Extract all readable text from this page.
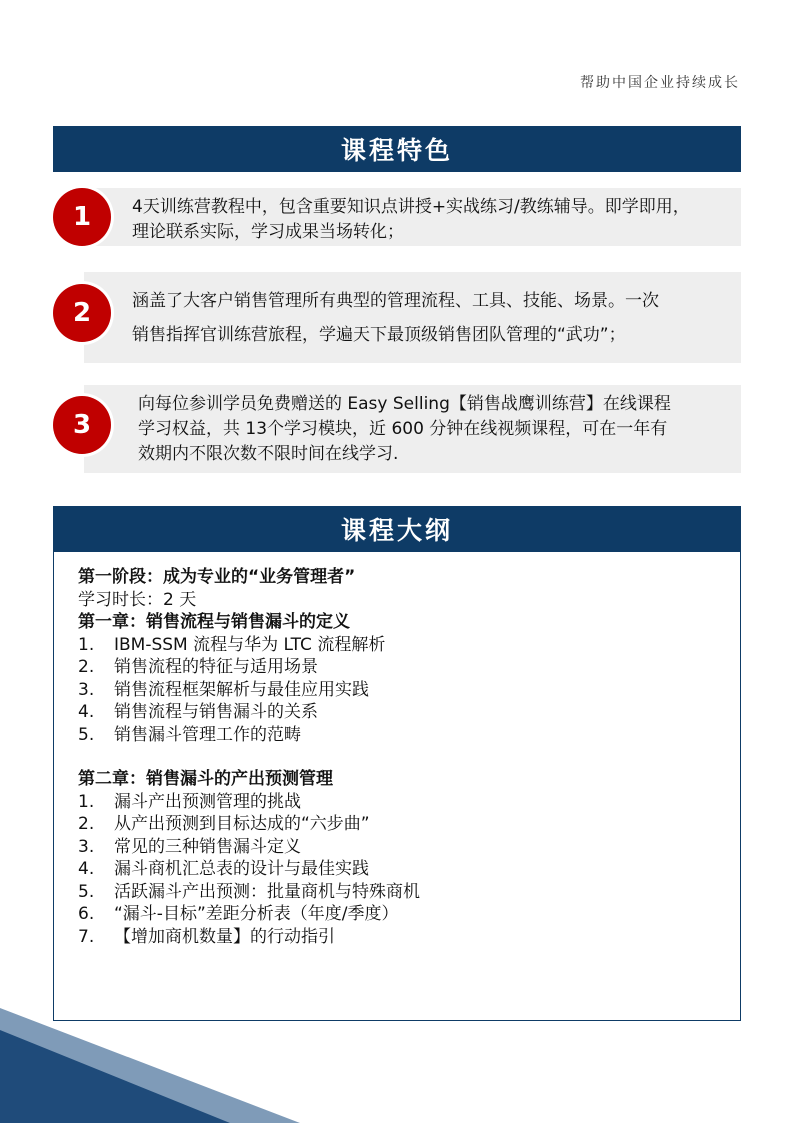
帮助中国企业持续成长
课程特色
4天训练营教程中，包含重要知识点讲授+实战练习/教练辅导。即学即用，
理论联系实际，学习成果当场转化；
1
涵盖了大客户销售管理所有典型的管理流程、工具、技能、场景。一次
销售指挥官训练营旅程，学遍天下最顶级销售团队管理的“武功”；
2
向每位参训学员免费赠送的 Easy Selling【销售战鹰训练营】在线课程
学习权益，共 13个学习模块，近 600 分钟在线视频课程，可在一年有
效期内不限次数不限时间在线学习.
3
课程大纲
第一阶段：成为专业的“业务管理者”
学习时长：2 天
第一章：销售流程与销售漏斗的定义
1.	IBM-SSM 流程与华为 LTC 流程解析
2.	销售流程的特征与适用场景
3.	销售流程框架解析与最佳应用实践
4.	销售流程与销售漏斗的关系
5.	销售漏斗管理工作的范畴
第二章：销售漏斗的产出预测管理
1.	漏斗产出预测管理的挑战
2.	从产出预测到目标达成的“六步曲”
3.	常见的三种销售漏斗定义
4.	漏斗商机汇总表的设计与最佳实践
5.	活跃漏斗产出预测：批量商机与特殊商机
6.	“漏斗-目标”差距分析表（年度/季度）
7.	【增加商机数量】的行动指引
